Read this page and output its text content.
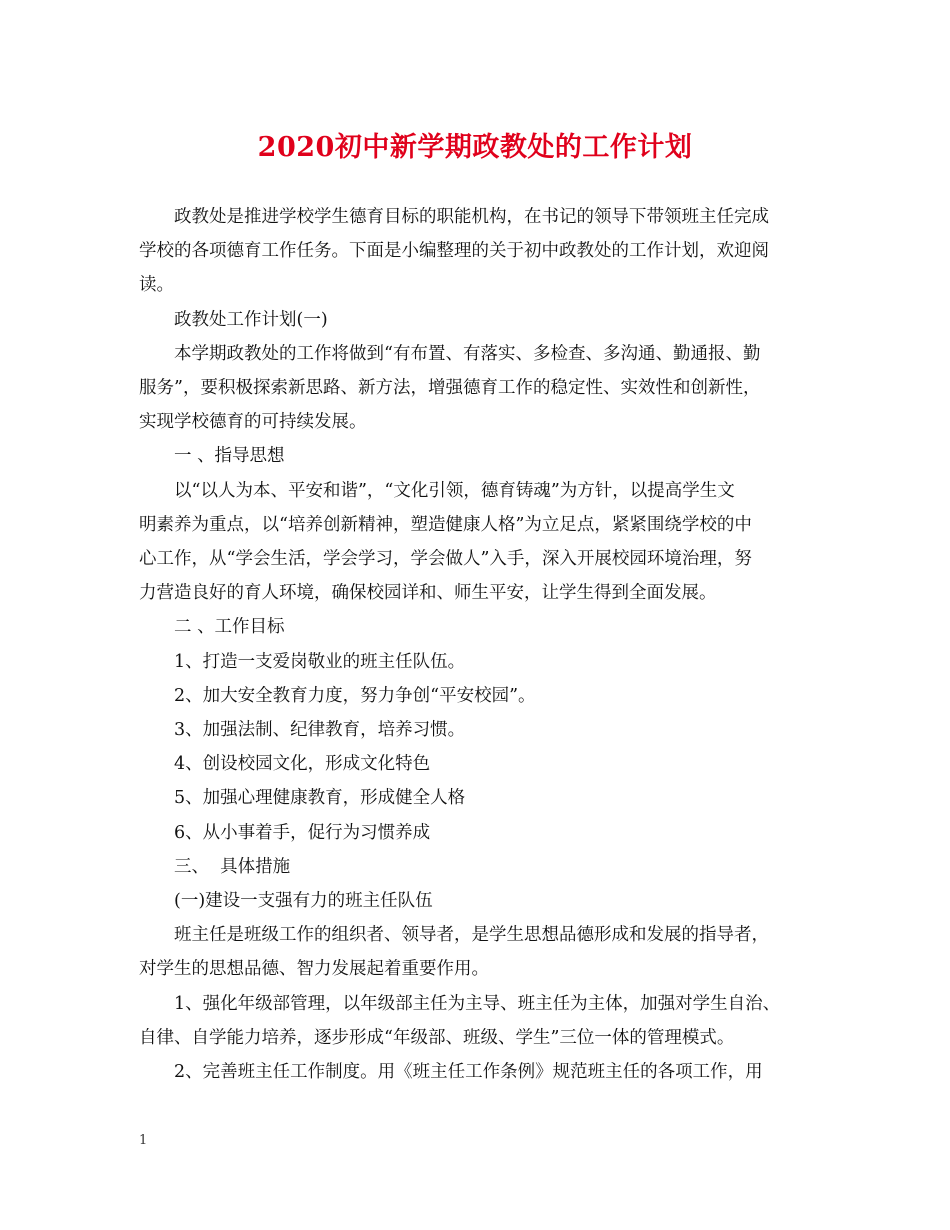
2020初中新学期政教处的工作计划

　　政教处是推进学校学生德育目标的职能机构，在书记的领导下带领班主任完成

学校的各项德育工作任务。下面是小编整理的关于初中政教处的工作计划，欢迎阅

读。

　　政教处工作计划(一)

　　本学期政教处的工作将做到“有布置、有落实、多检查、多沟通、勤通报、勤

服务”，要积极探索新思路、新方法，增强德育工作的稳定性、实效性和创新性，

实现学校德育的可持续发展。

　　一 、指导思想

　　以“以人为本、平安和谐”，“文化引领，德育铸魂”为方针，以提高学生文

明素养为重点，以“培养创新精神，塑造健康人格”为立足点，紧紧围绕学校的中

心工作，从“学会生活，学会学习，学会做人”入手，深入开展校园环境治理，努

力营造良好的育人环境，确保校园详和、师生平安，让学生得到全面发展。

　　二 、工作目标

　　1、打造一支爱岗敬业的班主任队伍。

　　2、加大安全教育力度，努力争创“平安校园”。

　　3、加强法制、纪律教育，培养习惯。

　　4、创设校园文化，形成文化特色

　　5、加强心理健康教育，形成健全人格

　　6、从小事着手，促行为习惯养成

　　三、  具体措施

　　(一)建设一支强有力的班主任队伍

　　班主任是班级工作的组织者、领导者，是学生思想品德形成和发展的指导者，

对学生的思想品德、智力发展起着重要作用。

　　1、强化年级部管理，以年级部主任为主导、班主任为主体，加强对学生自治、

自律、自学能力培养，逐步形成“年级部、班级、学生”三位一体的管理模式。

　　2、完善班主任工作制度。用《班主任工作条例》规范班主任的各项工作，用

1
